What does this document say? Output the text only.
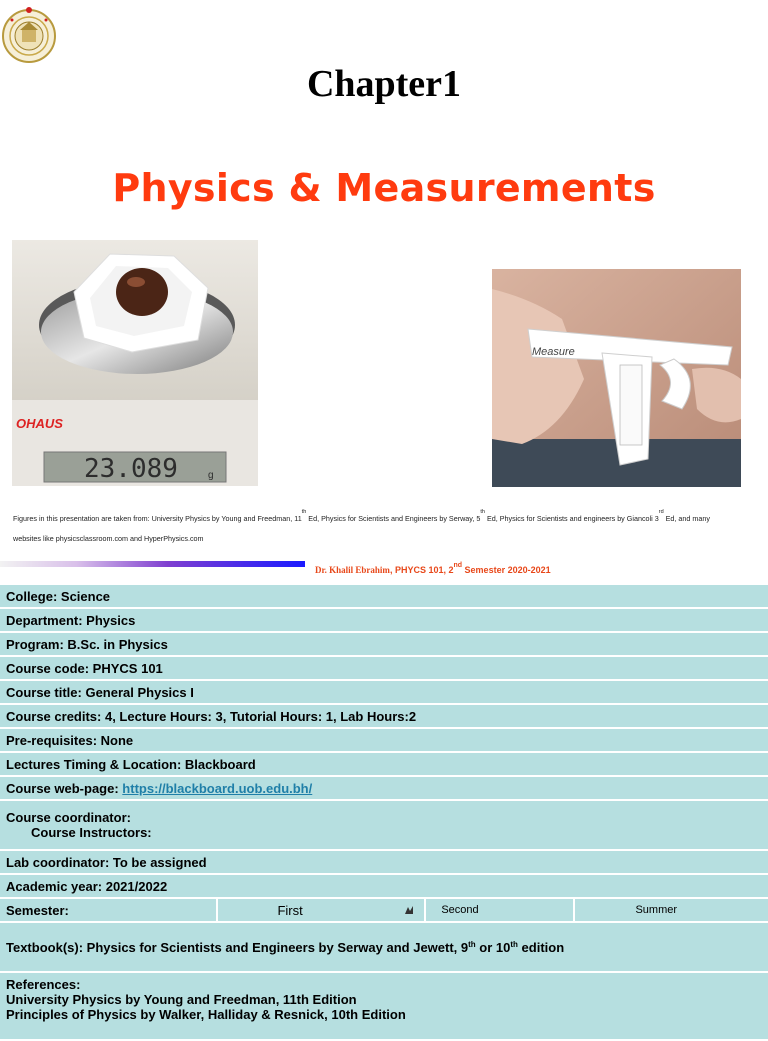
Chapter1
Physics & Measurements
OHAUS
23.089	g
Measure
Figures in this presentation are taken from: University Physics by Young and Freedman, 11th Ed, Physics for Scientists and Engineers by Serway, 5th Ed, Physics for Scientists and engineers by Giancoli 3rd Ed, and many
websites like physicsclassroom.com and HyperPhysics.com
Dr. Khalil Ebrahim, PHYCS 101, 2nd Semester 2020-2021
College: Science
Department: Physics
Program: B.Sc. in Physics
Course code: PHYCS 101
Course title: General Physics I
Course credits: 4, Lecture Hours: 3, Tutorial Hours: 1, Lab Hours:2
Pre-requisites: None
Lectures Timing & Location: Blackboard
Course web-page: https://blackboard.uob.edu.bh/
Course coordinator:
Course Instructors:

Lab coordinator: To be assigned
Academic year: 2021/2022

Semester:	First	Second	Summer

Textbook(s): Physics for Scientists and Engineers by Serway and Jewett, 9th or 10th edition
References:
University Physics by Young and Freedman, 11th Edition
Principles of Physics by Walker, Halliday & Resnick, 10th Edition
